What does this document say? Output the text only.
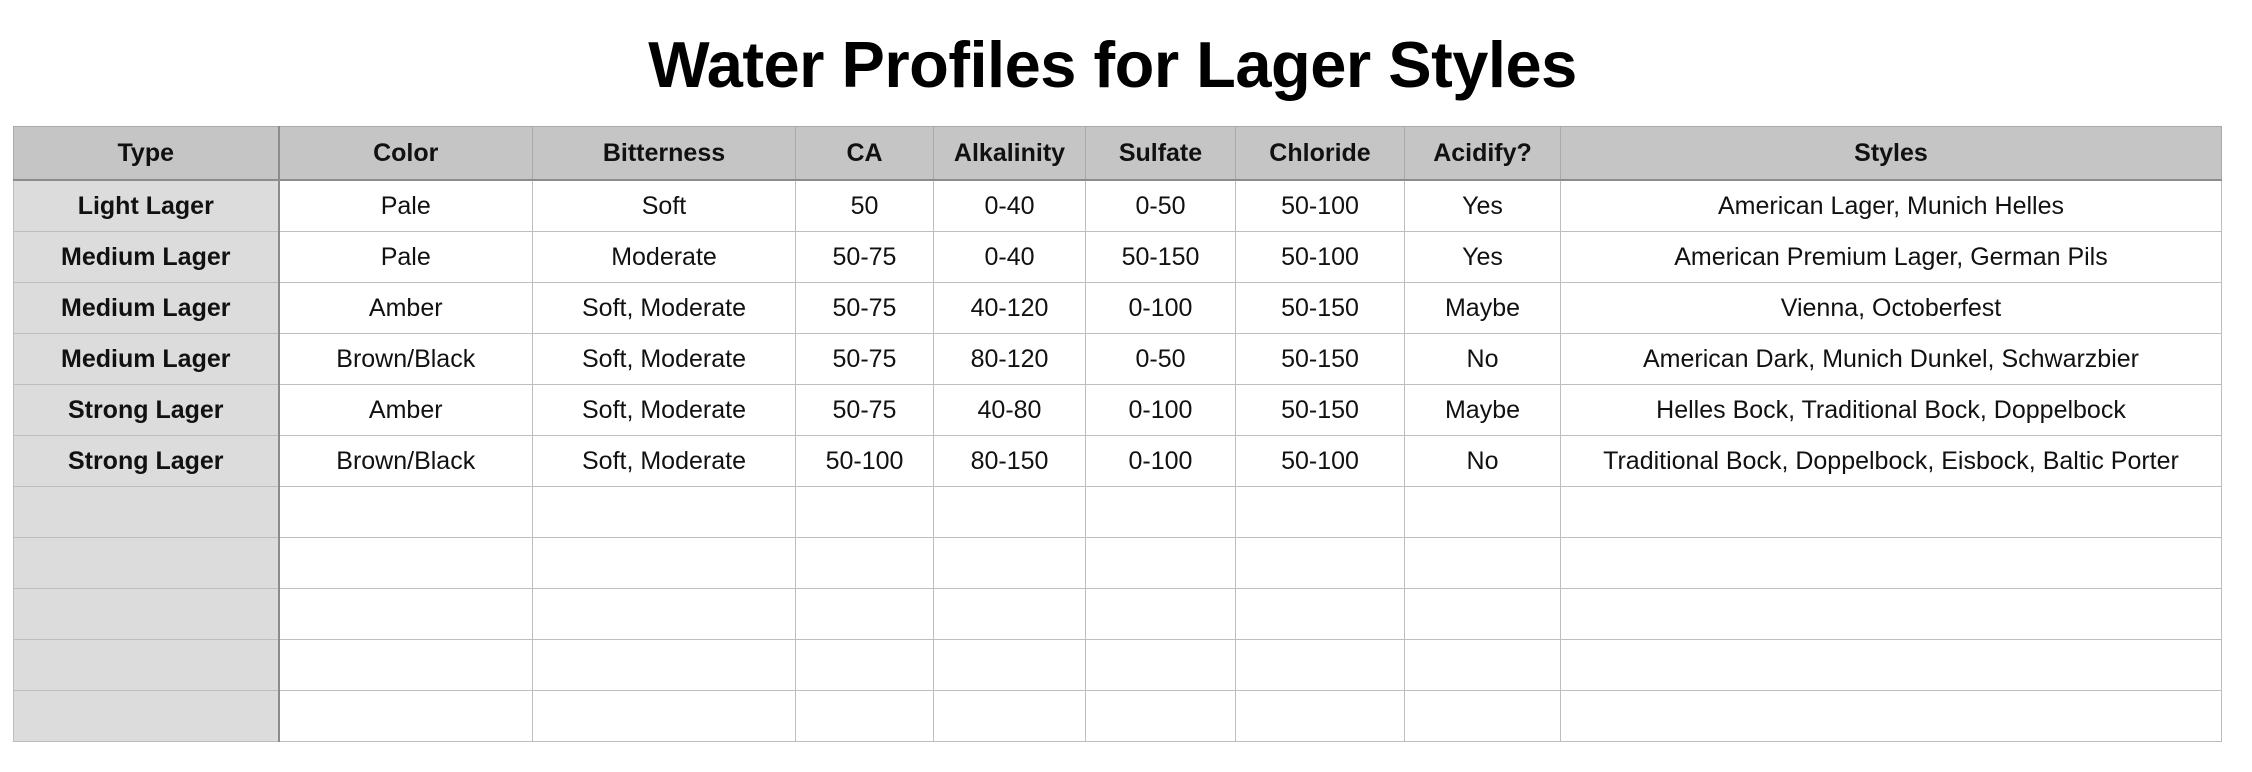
Water Profiles for Lager Styles
Type	Color	Bitterness	CA	Alkalinity	Sulfate	Chloride	Acidify?	Styles
Light Lager	Pale	Soft	50	0-40	0-50	50-100	Yes	American Lager, Munich Helles
Medium Lager	Pale	Moderate	50-75	0-40	50-150	50-100	Yes	American Premium Lager, German Pils
Medium Lager	Amber	Soft, Moderate	50-75	40-120	0-100	50-150	Maybe	Vienna, Octoberfest
Medium Lager	Brown/Black	Soft, Moderate	50-75	80-120	0-50	50-150	No	American Dark, Munich Dunkel, Schwarzbier
Strong Lager	Amber	Soft, Moderate	50-75	40-80	0-100	50-150	Maybe	Helles Bock, Traditional Bock, Doppelbock
Strong Lager	Brown/Black	Soft, Moderate	50-100	80-150	0-100	50-100	No	Traditional Bock, Doppelbock, Eisbock, Baltic Porter
